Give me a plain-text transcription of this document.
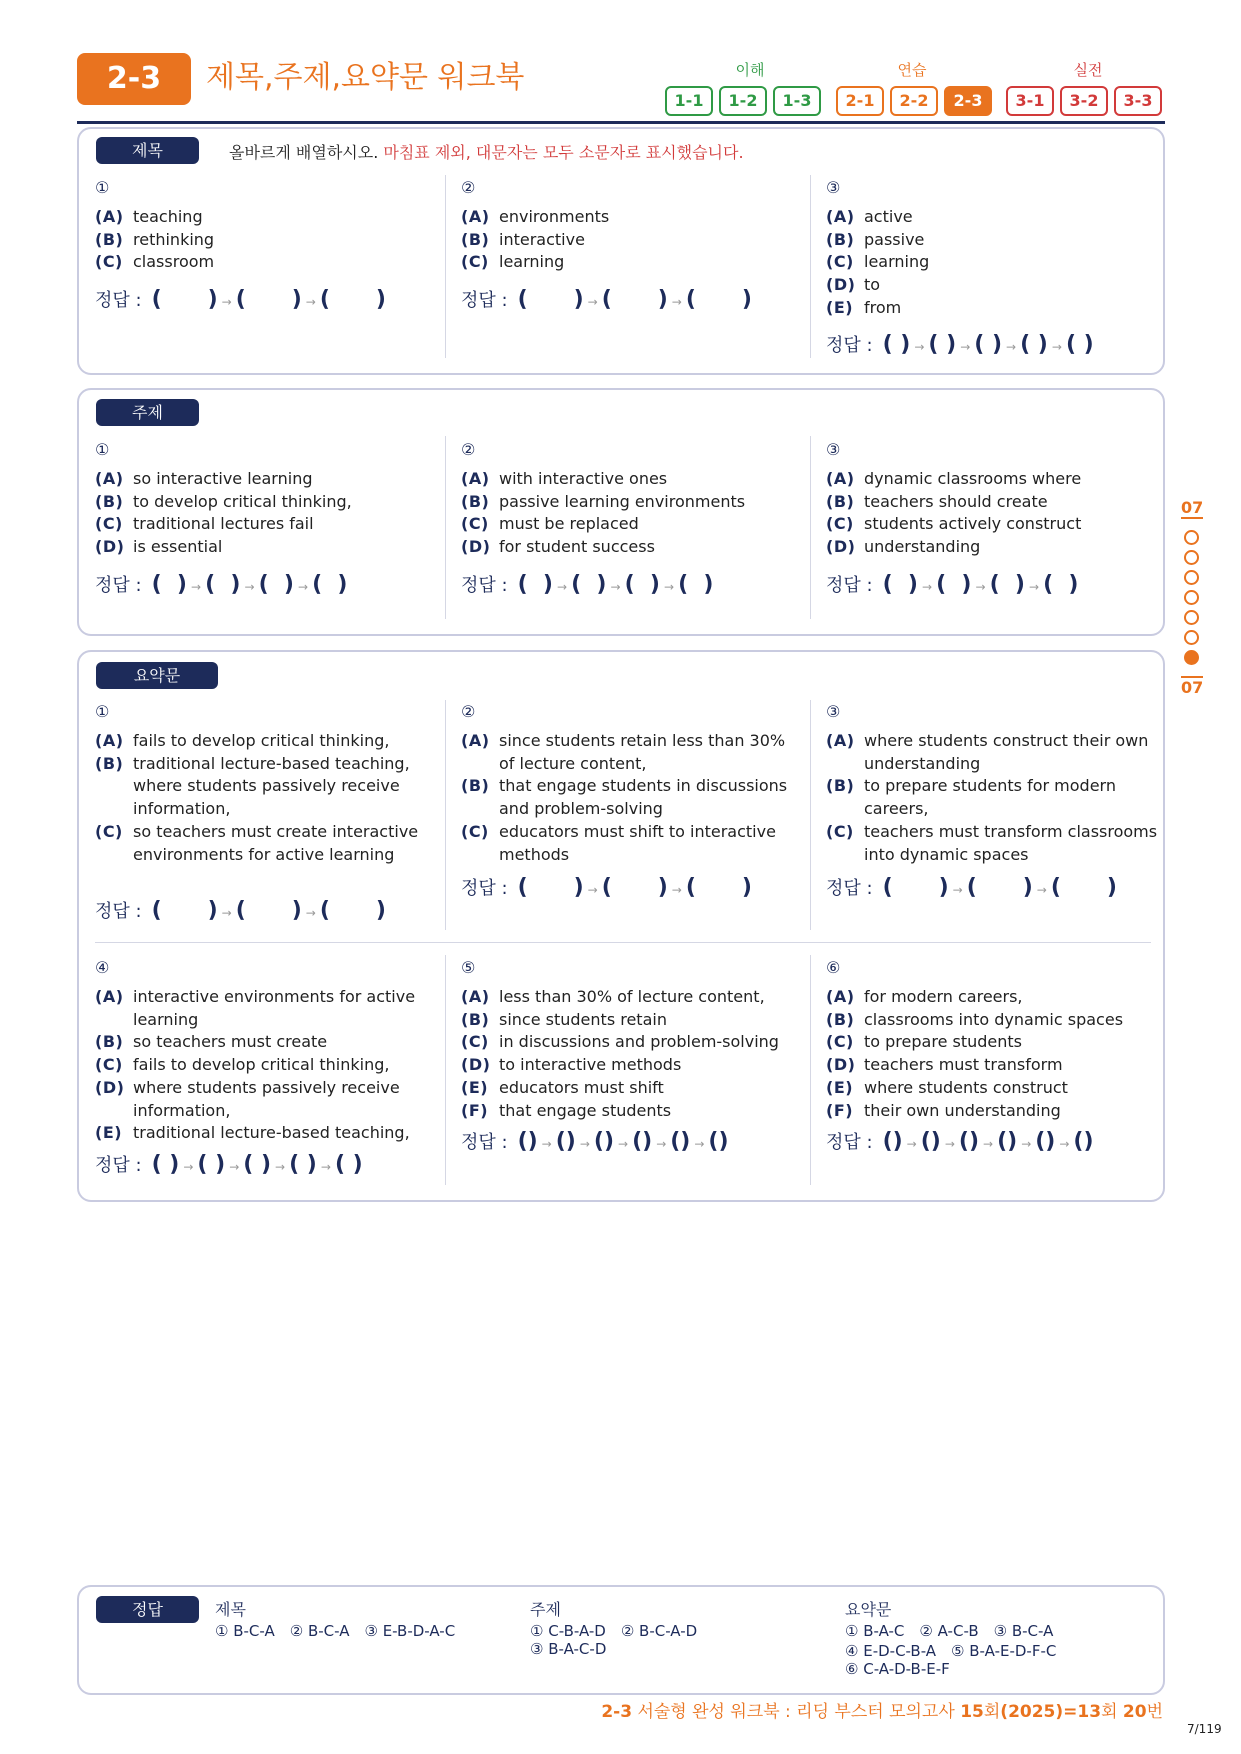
2-3	제목,주제,요약문 워크북	이해	연습	실전
1-1	1-2	1-3	2-1	2-2	2-3	3-1	3-2	3-3
제목	올바르게 배열하시오. 마침표 제외, 대문자는 모두 소문자로 표시했습니다.
①
(A) teaching
(B) rethinking
(C) classroom
정답 : (      ) → (      ) → (      )
②
(A) environments
(B) interactive
(C) learning
정답 : (      ) → (      ) → (      )
③
(A) active
(B) passive
(C) learning
(D) to
(E) from
정답 : ( ) → ( ) → ( ) → ( ) → ( )
주제
①
(A) so interactive learning
(B) to develop critical thinking,
(C) traditional lectures fail
(D) is essential
정답 : (  ) → (  ) → (  ) → (  )
②
(A) with interactive ones
(B) passive learning environments
(C) must be replaced
(D) for student success
정답 : (  ) → (  ) → (  ) → (  )
③
(A) dynamic classrooms where
(B) teachers should create
(C) students actively construct
(D) understanding
정답 : (  ) → (  ) → (  ) → (  )
요약문
①
(A) fails to develop critical thinking,
(B) traditional lecture-based teaching, where students passively receive information,
(C) so teachers must create interactive environments for active learning
정답 : (      ) → (      ) → (      )
②
(A) since students retain less than 30% of lecture content,
(B) that engage students in discussions and problem-solving
(C) educators must shift to interactive methods
정답 : (      ) → (      ) → (      )
③
(A) where students construct their own understanding
(B) to prepare students for modern careers,
(C) teachers must transform classrooms into dynamic spaces
정답 : (      ) → (      ) → (      )
④
(A) interactive environments for active learning
(B) so teachers must create
(C) fails to develop critical thinking,
(D) where students passively receive information,
(E) traditional lecture-based teaching,
정답 : ( ) → ( ) → ( ) → ( ) → ( )
⑤
(A) less than 30% of lecture content,
(B) since students retain
(C) in discussions and problem-solving
(D) to interactive methods
(E) educators must shift
(F) that engage students
정답 : () → () → () → () → () → ()
⑥
(A) for modern careers,
(B) classrooms into dynamic spaces
(C) to prepare students
(D) teachers must transform
(E) where students construct
(F) their own understanding
정답 : () → () → () → () → () → ()
07
07
정답	제목
① B-C-A　② B-C-A　③ E-B-D-A-C
주제
① C-B-A-D　② B-C-A-D
③ B-A-C-D
요약문
① B-A-C　② A-C-B　③ B-C-A
④ E-D-C-B-A　⑤ B-A-E-D-F-C
⑥ C-A-D-B-E-F
2-3 서술형 완성 워크북 : 리딩 부스터 모의고사 15회(2025)=13회 20번
7/119
